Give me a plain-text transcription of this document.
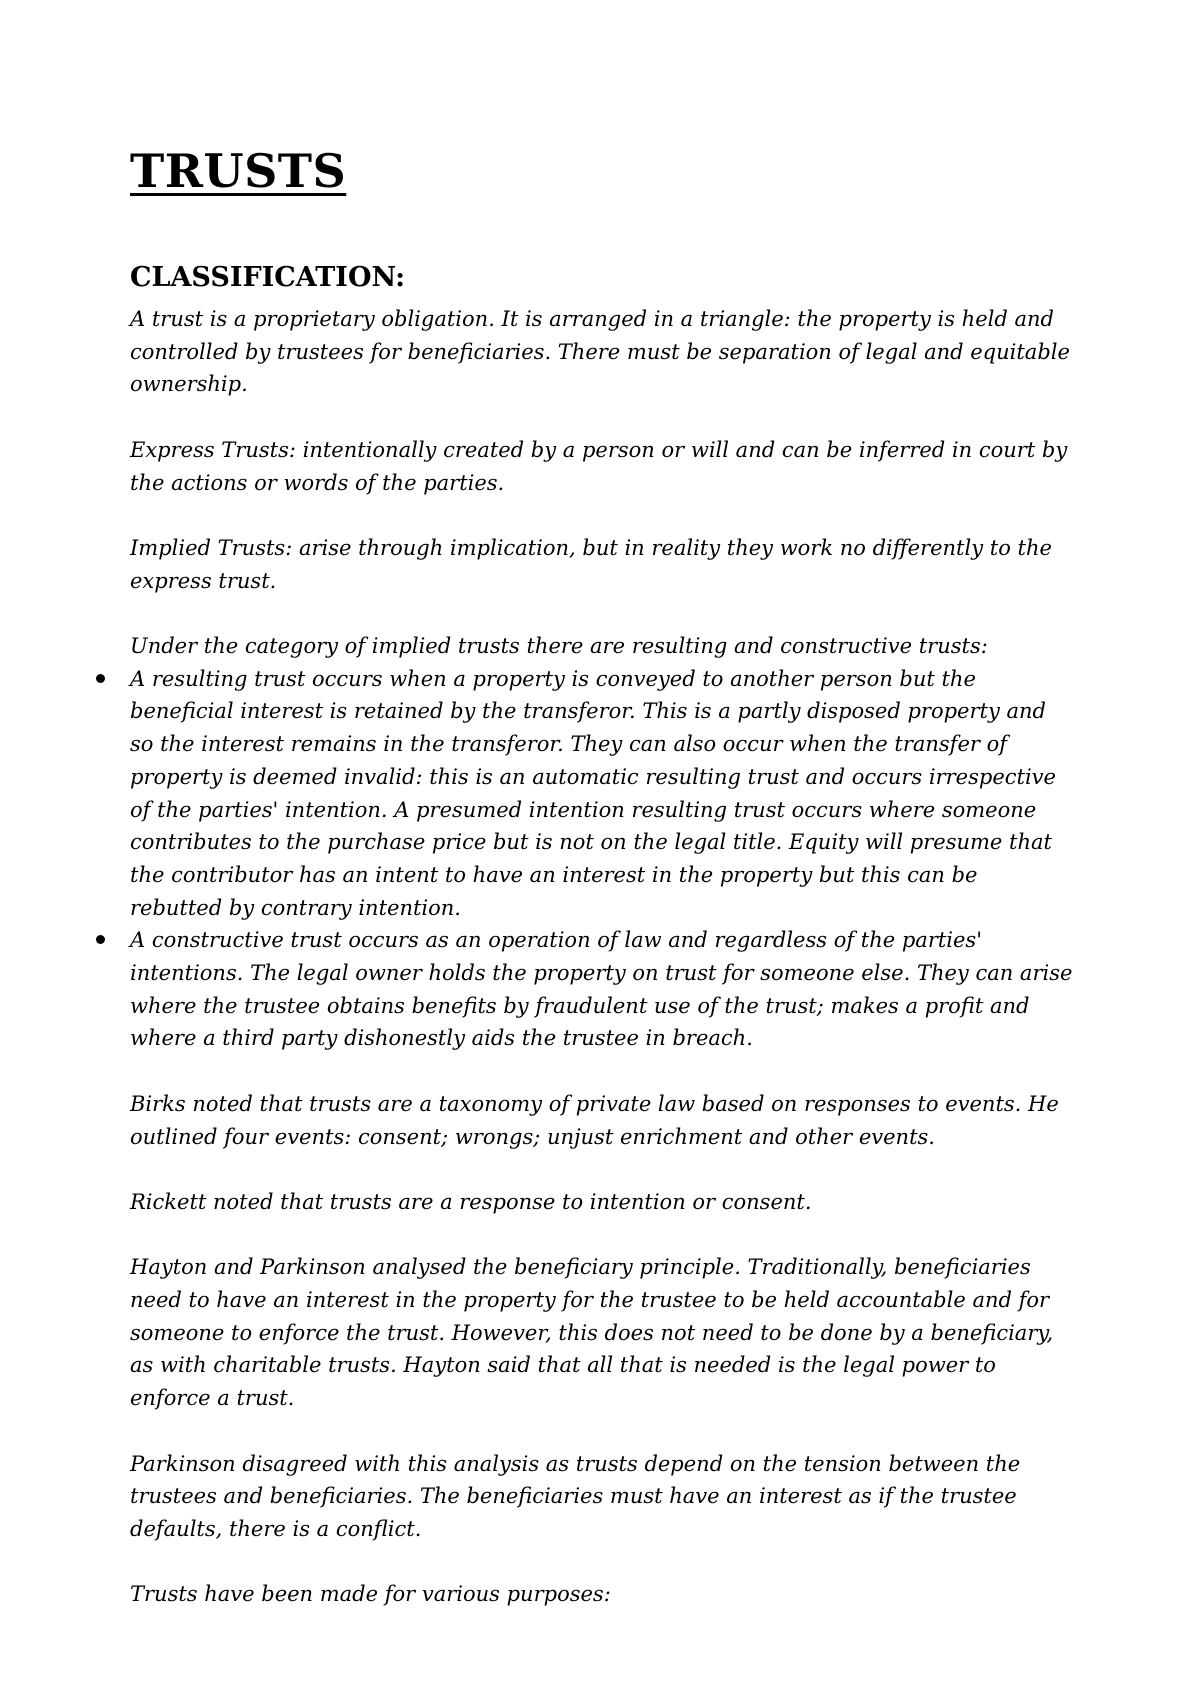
TRUSTS
CLASSIFICATION:

A trust is a proprietary obligation. It is arranged in a triangle: the property is held and controlled by trustees for beneficiaries. There must be separation of legal and equitable ownership.

Express Trusts: intentionally created by a person or will and can be inferred in court by the actions or words of the parties.

Implied Trusts: arise through implication, but in reality they work no differently to the express trust.

Under the category of implied trusts there are resulting and constructive trusts:

A resulting trust occurs when a property is conveyed to another person but the beneficial interest is retained by the transferor. This is a partly disposed property and so the interest remains in the transferor. They can also occur when the transfer of property is deemed invalid: this is an automatic resulting trust and occurs irrespective of the parties' intention. A presumed intention resulting trust occurs where someone contributes to the purchase price but is not on the legal title. Equity will presume that the contributor has an intent to have an interest in the property but this can be rebutted by contrary intention.
A constructive trust occurs as an operation of law and regardless of the parties' intentions. The legal owner holds the property on trust for someone else. They can arise where the trustee obtains benefits by fraudulent use of the trust; makes a profit and where a third party dishonestly aids the trustee in breach.

Birks noted that trusts are a taxonomy of private law based on responses to events. He outlined four events: consent; wrongs; unjust enrichment and other events.

Rickett noted that trusts are a response to intention or consent.

Hayton and Parkinson analysed the beneficiary principle. Traditionally, beneficiaries need to have an interest in the property for the trustee to be held accountable and for someone to enforce the trust. However, this does not need to be done by a beneficiary, as with charitable trusts. Hayton said that all that is needed is the legal power to enforce a trust.

Parkinson disagreed with this analysis as trusts depend on the tension between the trustees and beneficiaries. The beneficiaries must have an interest as if the trustee defaults, there is a conflict.

Trusts have been made for various purposes:
